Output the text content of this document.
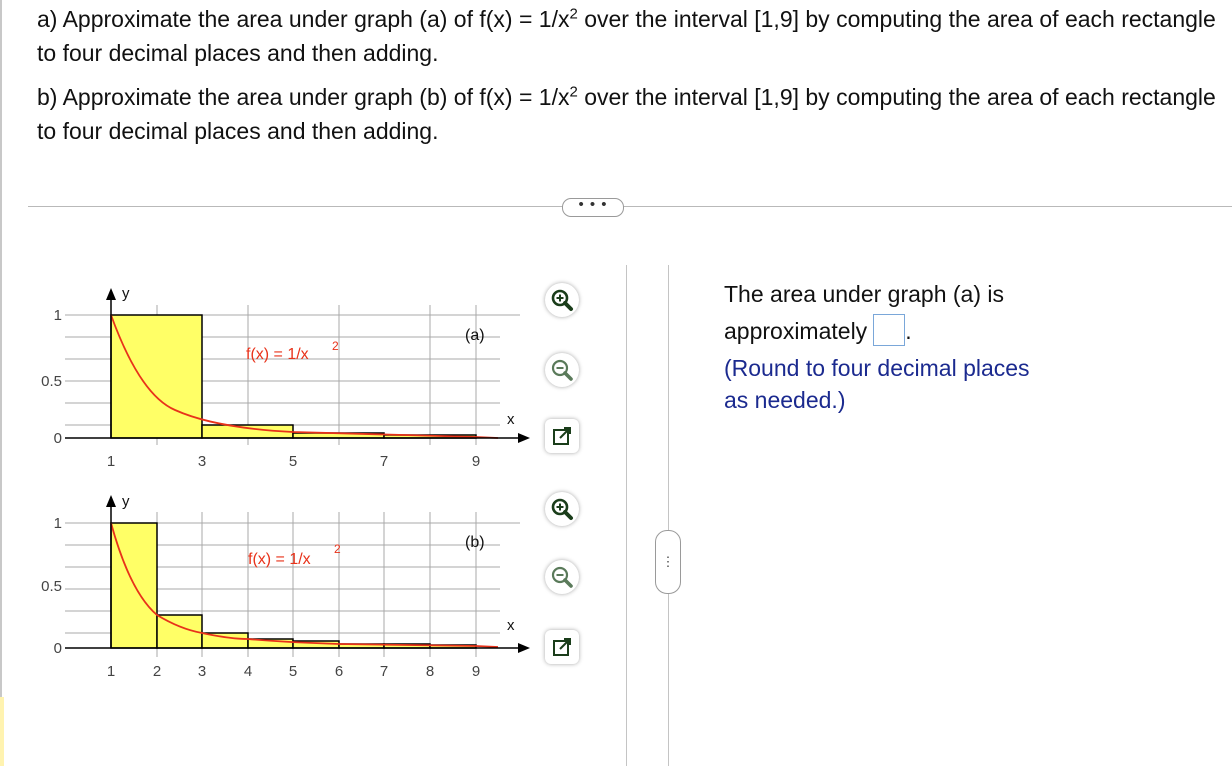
a) Approximate the area under graph (a) of $f(x) = 1/x^2$ over the interval [1,9] by computing the area of each rectangle to four decimal places and then adding.

b) Approximate the area under graph (b) of $f(x) = 1/x^2$ over the interval [1,9] by computing the area of each rectangle to four decimal places and then adding.

• • •
y
x
1
0.5
0
1	3	5	7	9
(a)
f(x) = 1/x 2
y
x
1
0.5
0
1	2 3	4 5	6 7	8	9
(b)
f(x) = 1/x
2
⋮
The area under graph (a) is
approximately .
(Round to four decimal places
as needed.)
